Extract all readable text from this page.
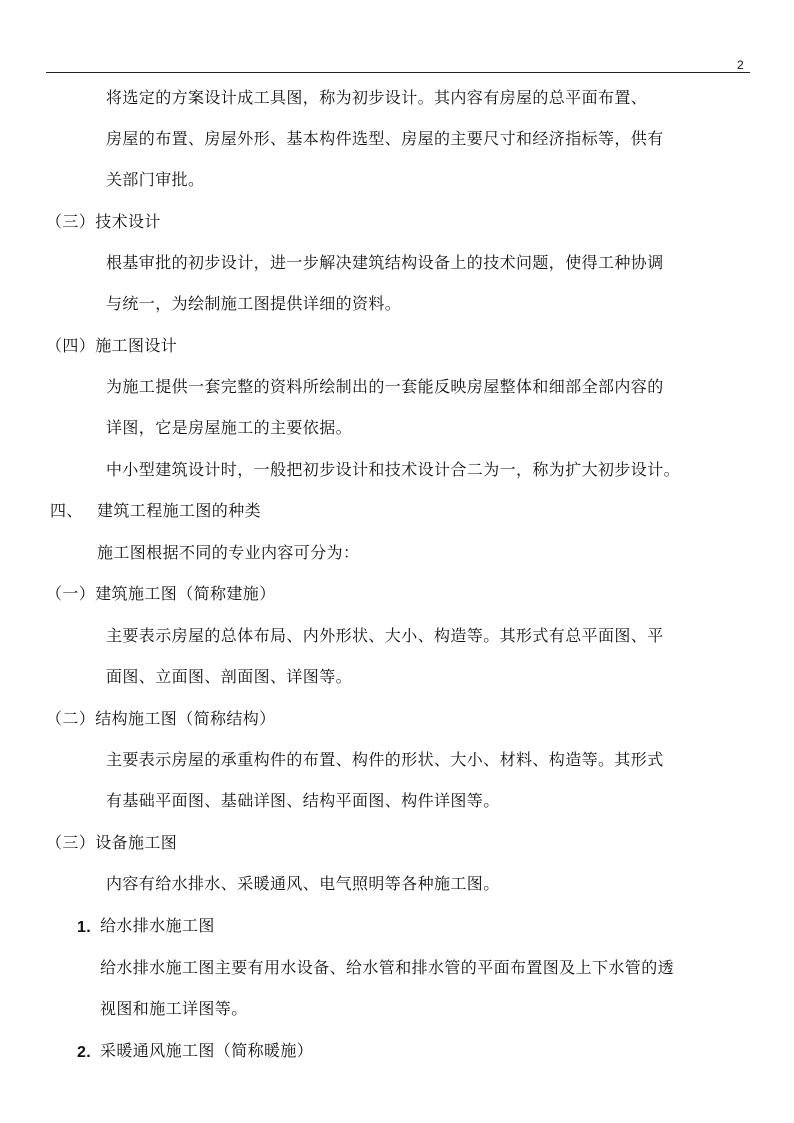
2
将选定的方案设计成工具图，称为初步设计。其内容有房屋的总平面布置、
房屋的布置、房屋外形、基本构件选型、房屋的主要尺寸和经济指标等，供有
关部门审批。
（三）技术设计
根基审批的初步设计，进一步解决建筑结构设备上的技术问题，使得工种协调
与统一，为绘制施工图提供详细的资料。
（四）施工图设计
为施工提供一套完整的资料所绘制出的一套能反映房屋整体和细部全部内容的
详图，它是房屋施工的主要依据。
中小型建筑设计时，一般把初步设计和技术设计合二为一，称为扩大初步设计。
四、 建筑工程施工图的种类
施工图根据不同的专业内容可分为：
（一）建筑施工图（简称建施）
主要表示房屋的总体布局、内外形状、大小、构造等。其形式有总平面图、平
面图、立面图、剖面图、详图等。
（二）结构施工图（简称结构）
主要表示房屋的承重构件的布置、构件的形状、大小、材料、构造等。其形式
有基础平面图、基础详图、结构平面图、构件详图等。
（三）设备施工图
内容有给水排水、采暖通风、电气照明等各种施工图。
1. 给水排水施工图
给水排水施工图主要有用水设备、给水管和排水管的平面布置图及上下水管的透
视图和施工详图等。
2. 采暖通风施工图（简称暖施）
